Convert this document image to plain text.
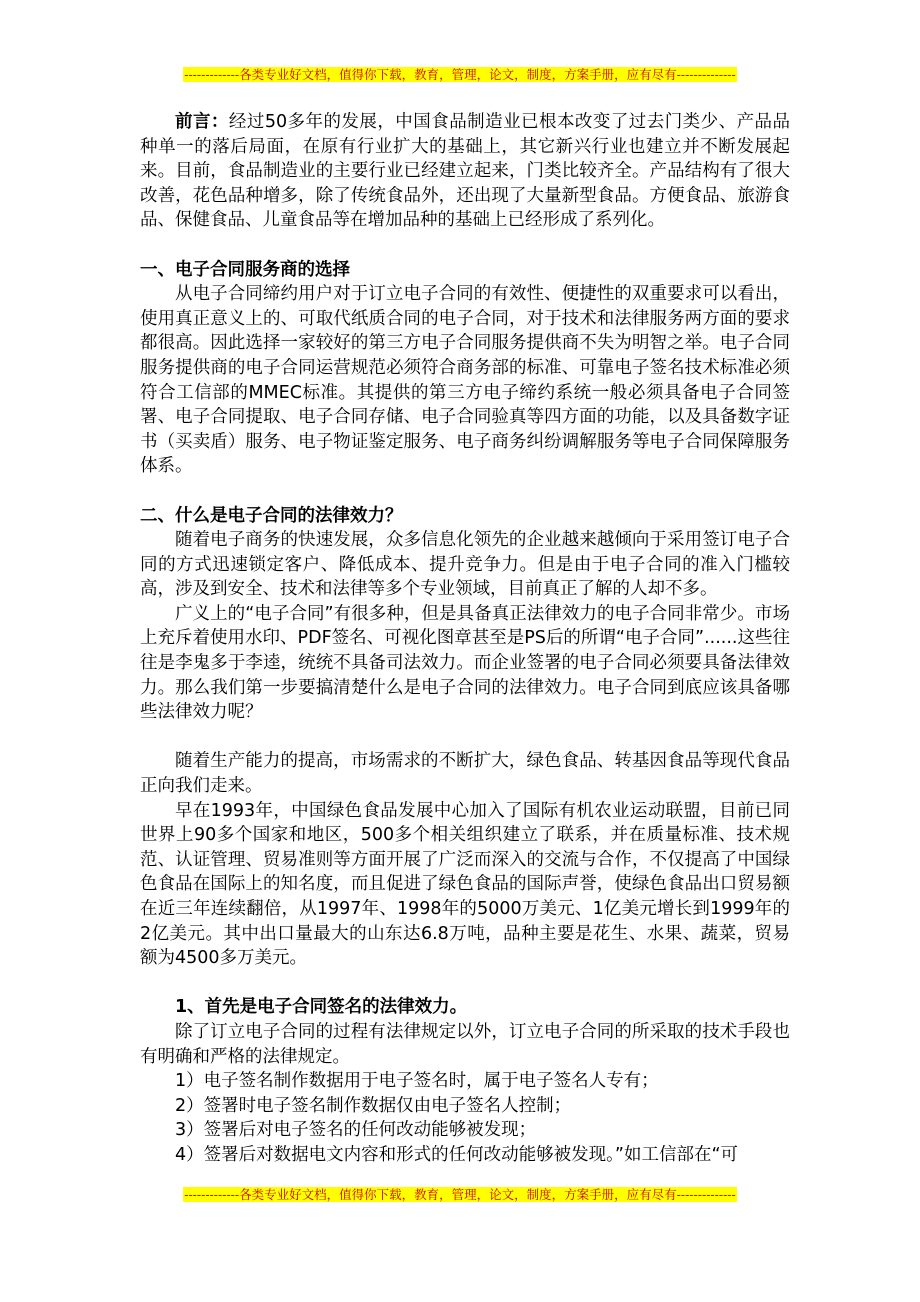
-------------各类专业好文档，值得你下载，教育，管理，论文，制度，方案手册，应有尽有--------------

前言：经过50多年的发展，中国食品制造业已根本改变了过去门类少、产品品种单一的落后局面，在原有行业扩大的基础上，其它新兴行业也建立并不断发展起来。目前，食品制造业的主要行业已经建立起来，门类比较齐全。产品结构有了很大改善，花色品种增多，除了传统食品外，还出现了大量新型食品。方便食品、旅游食品、保健食品、儿童食品等在增加品种的基础上已经形成了系列化。

一、电子合同服务商的选择

从电子合同缔约用户对于订立电子合同的有效性、便捷性的双重要求可以看出，使用真正意义上的、可取代纸质合同的电子合同，对于技术和法律服务两方面的要求都很高。因此选择一家较好的第三方电子合同服务提供商不失为明智之举。电子合同服务提供商的电子合同运营规范必须符合商务部的标准、可靠电子签名技术标准必须符合工信部的MMEC标准。其提供的第三方电子缔约系统一般必须具备电子合同签署、电子合同提取、电子合同存储、电子合同验真等四方面的功能，以及具备数字证书（买卖盾）服务、电子物证鉴定服务、电子商务纠纷调解服务等电子合同保障服务体系。

二、什么是电子合同的法律效力？

随着电子商务的快速发展，众多信息化领先的企业越来越倾向于采用签订电子合同的方式迅速锁定客户、降低成本、提升竞争力。但是由于电子合同的准入门槛较高，涉及到安全、技术和法律等多个专业领域，目前真正了解的人却不多。

广义上的“电子合同”有很多种，但是具备真正法律效力的电子合同非常少。市场上充斥着使用水印、PDF签名、可视化图章甚至是PS后的所谓“电子合同”......这些往往是李鬼多于李逵，统统不具备司法效力。而企业签署的电子合同必须要具备法律效力。那么我们第一步要搞清楚什么是电子合同的法律效力。电子合同到底应该具备哪些法律效力呢？

随着生产能力的提高，市场需求的不断扩大，绿色食品、转基因食品等现代食品正向我们走来。

早在1993年，中国绿色食品发展中心加入了国际有机农业运动联盟，目前已同世界上90多个国家和地区，500多个相关组织建立了联系，并在质量标准、技术规范、认证管理、贸易准则等方面开展了广泛而深入的交流与合作，不仅提高了中国绿色食品在国际上的知名度，而且促进了绿色食品的国际声誉，使绿色食品出口贸易额在近三年连续翻倍，从1997年、1998年的5000万美元、1亿美元增长到1999年的2亿美元。其中出口量最大的山东达6.8万吨，品种主要是花生、水果、蔬菜，贸易额为4500多万美元。

1、首先是电子合同签名的法律效力。

除了订立电子合同的过程有法律规定以外，订立电子合同的所采取的技术手段也有明确和严格的法律规定。

1）电子签名制作数据用于电子签名时，属于电子签名人专有；

2）签署时电子签名制作数据仅由电子签名人控制；

3）签署后对电子签名的任何改动能够被发现；

4）签署后对数据电文内容和形式的任何改动能够被发现。”如工信部在“可

-------------各类专业好文档，值得你下载，教育，管理，论文，制度，方案手册，应有尽有--------------
